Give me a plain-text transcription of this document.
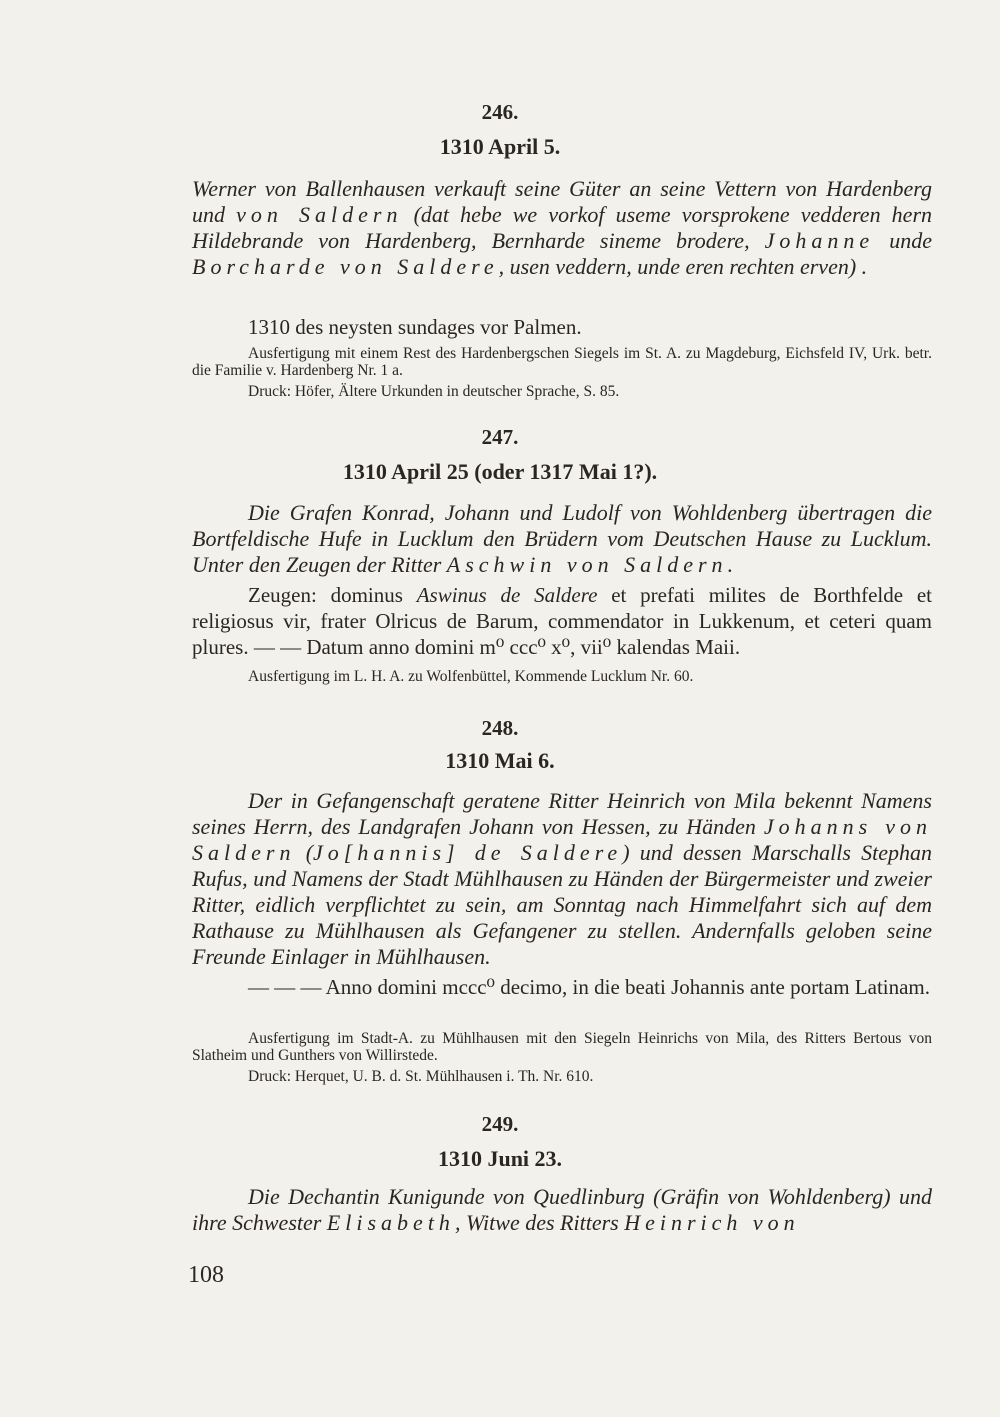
246.

1310 April 5.

Werner von Ballenhausen verkauft seine Güter an seine Vettern von Hardenberg und von Saldern (dat hebe we vorkof useme vorsprokene vedderen hern Hildebrande von Hardenberg, Bernharde sineme brodere, Johanne unde Borcharde von Saldere, usen veddern, unde eren rechten erven) .

1310 des neysten sundages vor Palmen.

Ausfertigung mit einem Rest des Hardenbergschen Siegels im St. A. zu Magdeburg, Eichsfeld IV, Urk. betr. die Familie v. Hardenberg Nr. 1 a.

Druck: Höfer, Ältere Urkunden in deutscher Sprache, S. 85.

247.

1310 April 25 (oder 1317 Mai 1?).

Die Grafen Konrad, Johann und Ludolf von Wohldenberg übertragen die Bortfeldische Hufe in Lucklum den Brüdern vom Deutschen Hause zu Lucklum. Unter den Zeugen der Ritter Aschwin von Saldern.

Zeugen: dominus Aswinus de Saldere et prefati milites de Borthfelde et religiosus vir, frater Olricus de Barum, commendator in Lukkenum, et ceteri quam plures. — — Datum anno domini m⁰ ccc⁰ x⁰, vii⁰ kalendas Maii.

Ausfertigung im L. H. A. zu Wolfenbüttel, Kommende Lucklum Nr. 60.

248.

1310 Mai 6.

Der in Gefangenschaft geratene Ritter Heinrich von Mila bekennt Namens seines Herrn, des Landgrafen Johann von Hessen, zu Händen Johanns von Saldern (Jo[hannis] de Saldere) und dessen Marschalls Stephan Rufus, und Namens der Stadt Mühlhausen zu Händen der Bürgermeister und zweier Ritter, eidlich verpflichtet zu sein, am Sonntag nach Himmelfahrt sich auf dem Rathause zu Mühlhausen als Gefangener zu stellen. Andernfalls geloben seine Freunde Einlager in Mühlhausen.

— — — Anno domini mccc⁰ decimo, in die beati Johannis ante portam Latinam.

Ausfertigung im Stadt-A. zu Mühlhausen mit den Siegeln Heinrichs von Mila, des Ritters Bertous von Slatheim und Gunthers von Willirstede.

Druck: Herquet, U. B. d. St. Mühlhausen i. Th. Nr. 610.

249.

1310 Juni 23.

Die Dechantin Kunigunde von Quedlinburg (Gräfin von Wohldenberg) und ihre Schwester Elisabeth, Witwe des Ritters Heinrich von

108
